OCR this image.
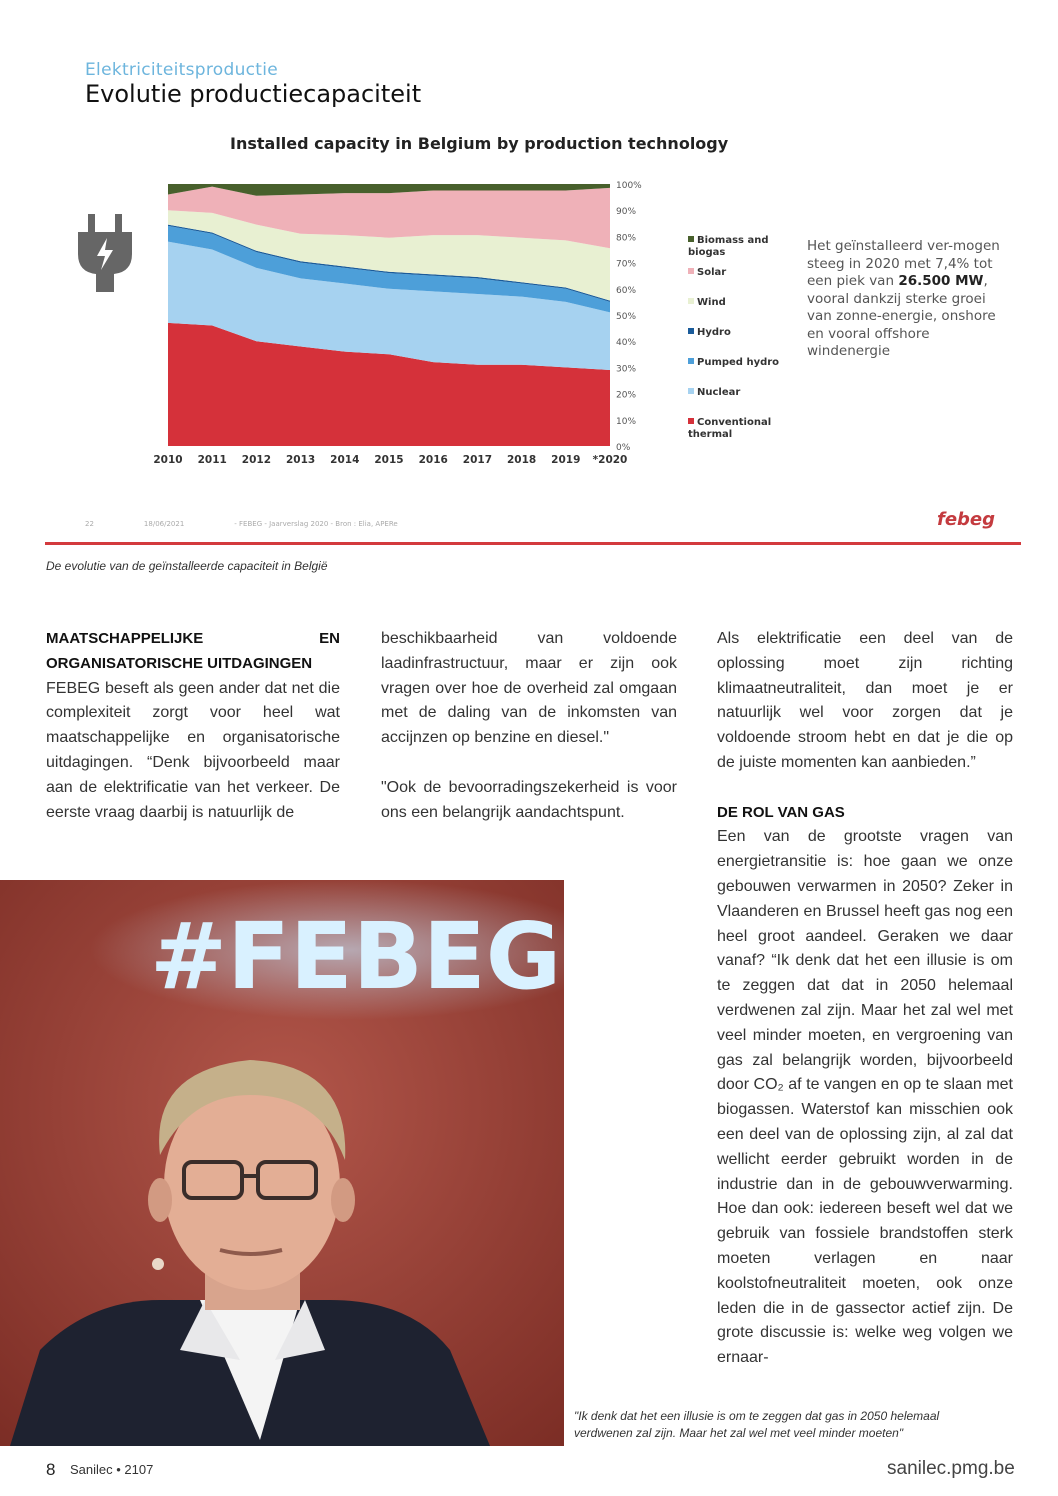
Elektriciteitsproductie
Evolutie productiecapaciteit
Installed capacity in Belgium by production technology
0%
10%
20%
30%
40%
50%
60%
70%
80%
90%
100%
2010 2011 2012 2013 2014 2015 2016 2017 2018 2019 *2020
Biomass and biogas
Solar
Wind
Hydro
Pumped hydro
Nuclear
Conventional thermal
Het geïnstalleerd ver-mogen steeg in 2020 met 7,4% tot een piek van 26.500 MW, vooral dankzij sterke groei van zonne-energie, onshore en vooral offshore windenergie
22	18/06/2021	- FEBEG - Jaarverslag 2020 - Bron : Elia, APERe	febeg
De evolutie van de geïnstalleerde capaciteit in België
MAATSCHAPPELIJKE EN ORGANISATORISCHE UITDAGINGEN

FEBEG beseft als geen ander dat net die complexiteit zorgt voor heel wat maatschappelijke en organisatorische uitdagingen. “Denk bijvoorbeeld maar aan de elektrificatie van het verkeer. De eerste vraag daarbij is natuurlijk de

beschikbaarheid van voldoende laadinfrastructuur, maar er zijn ook vragen over hoe de overheid zal omgaan met de daling van de inkomsten van accijnzen op benzine en diesel."

"Ook de bevoorradingszekerheid is voor ons een belangrijk aandachtspunt.

Als elektrificatie een deel van de oplossing moet zijn richting klimaatneutraliteit, dan moet je er natuurlijk wel voor zorgen dat je voldoende stroom hebt en dat je die op de juiste momenten kan aanbieden.”

DE ROL VAN GAS

Een van de grootste vragen van energietransitie is: hoe gaan we onze gebouwen verwarmen in 2050? Zeker in Vlaanderen en Brussel heeft gas nog een heel groot aandeel. Geraken we daar vanaf? “Ik denk dat het een illusie is om te zeggen dat dat in 2050 helemaal verdwenen zal zijn. Maar het zal wel met veel minder moeten, en vergroening van gas zal belangrijk worden, bijvoorbeeld door CO₂ af te vangen en op te slaan met biogassen. Waterstof kan misschien ook een deel van de oplossing zijn, al zal dat wellicht eerder gebruikt worden in de industrie dan in de gebouwverwarming. Hoe dan ook: iedereen beseft wel dat we gebruik van fossiele brandstoffen sterk moeten verlagen en naar koolstofneutraliteit moeten, ook onze leden die in de gassector actief zijn. De grote discussie is: welke weg volgen we ernaar-

#FEBEG
"Ik denk dat het een illusie is om te zeggen dat gas in 2050 helemaal verdwenen zal zijn. Maar het zal wel met veel minder moeten"
8 Sanilec • 2107	sanilec.pmg.be
